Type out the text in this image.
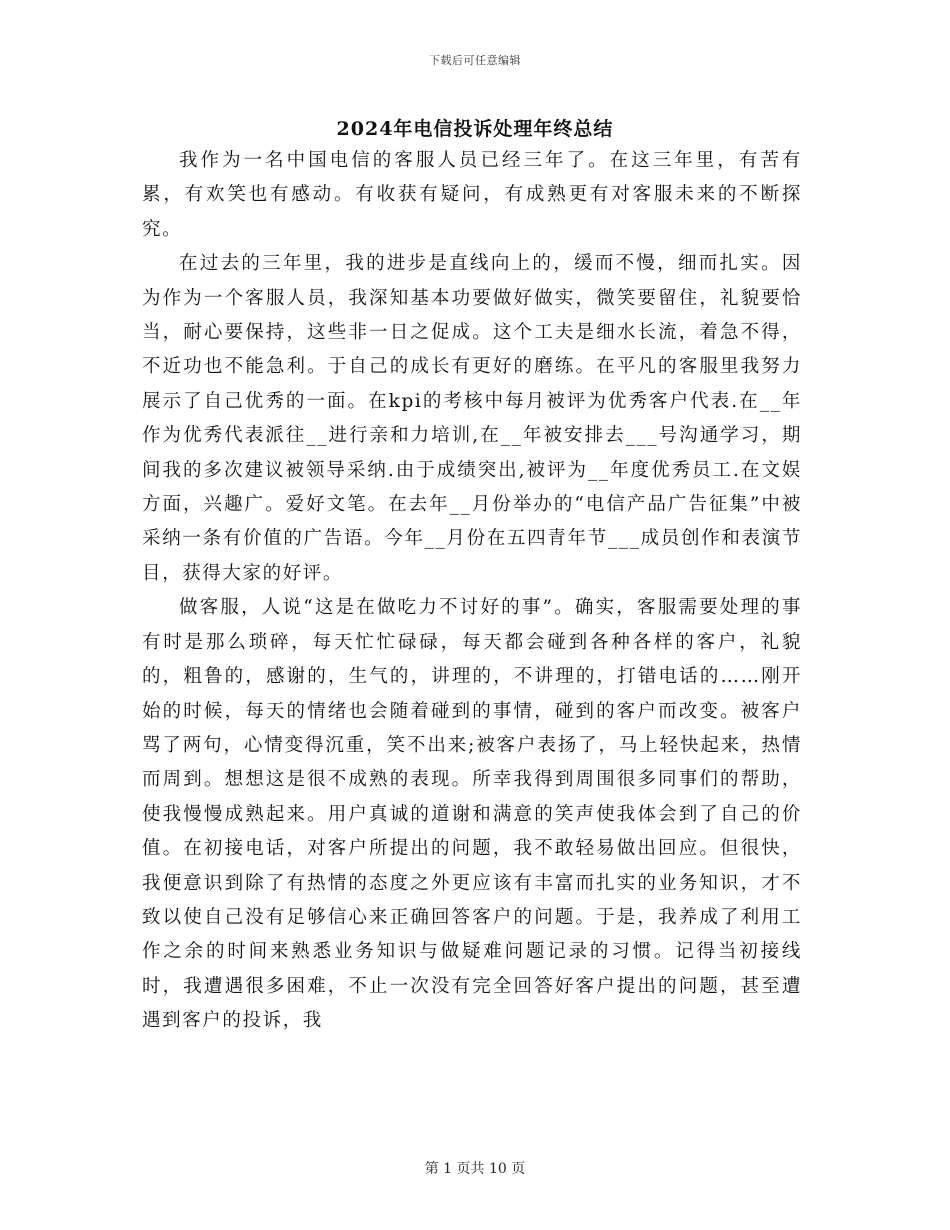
下载后可任意编辑
2024年电信投诉处理年终总结

我作为一名中国电信的客服人员已经三年了。在这三年里，有苦有累，有欢笑也有感动。有收获有疑问，有成熟更有对客服未来的不断探究。

在过去的三年里，我的进步是直线向上的，缓而不慢，细而扎实。因为作为一个客服人员，我深知基本功要做好做实，微笑要留住，礼貌要恰当，耐心要保持，这些非一日之促成。这个工夫是细水长流，着急不得，不近功也不能急利。于自己的成长有更好的磨练。在平凡的客服里我努力展示了自己优秀的一面。在kpi的考核中每月被评为优秀客户代表.在__年作为优秀代表派往__进行亲和力培训,在__年被安排去___号沟通学习，期间我的多次建议被领导采纳.由于成绩突出,被评为__年度优秀员工.在文娱方面，兴趣广。爱好文笔。在去年__月份举办的“电信产品广告征集”中被采纳一条有价值的广告语。今年__月份在五四青年节___成员创作和表演节目，获得大家的好评。

做客服，人说“这是在做吃力不讨好的事”。确实，客服需要处理的事有时是那么琐碎，每天忙忙碌碌，每天都会碰到各种各样的客户，礼貌的，粗鲁的，感谢的，生气的，讲理的，不讲理的，打错电话的……刚开始的时候，每天的情绪也会随着碰到的事情，碰到的客户而改变。被客户骂了两句，心情变得沉重，笑不出来;被客户表扬了，马上轻快起来，热情而周到。想想这是很不成熟的表现。所幸我得到周围很多同事们的帮助，使我慢慢成熟起来。用户真诚的道谢和满意的笑声使我体会到了自己的价值。在初接电话，对客户所提出的问题，我不敢轻易做出回应。但很快，我便意识到除了有热情的态度之外更应该有丰富而扎实的业务知识，才不致以使自己没有足够信心来正确回答客户的问题。于是，我养成了利用工作之余的时间来熟悉业务知识与做疑难问题记录的习惯。记得当初接线时，我遭遇很多困难，不止一次没有完全回答好客户提出的问题，甚至遭遇到客户的投诉，我

第 1 页共 10 页
